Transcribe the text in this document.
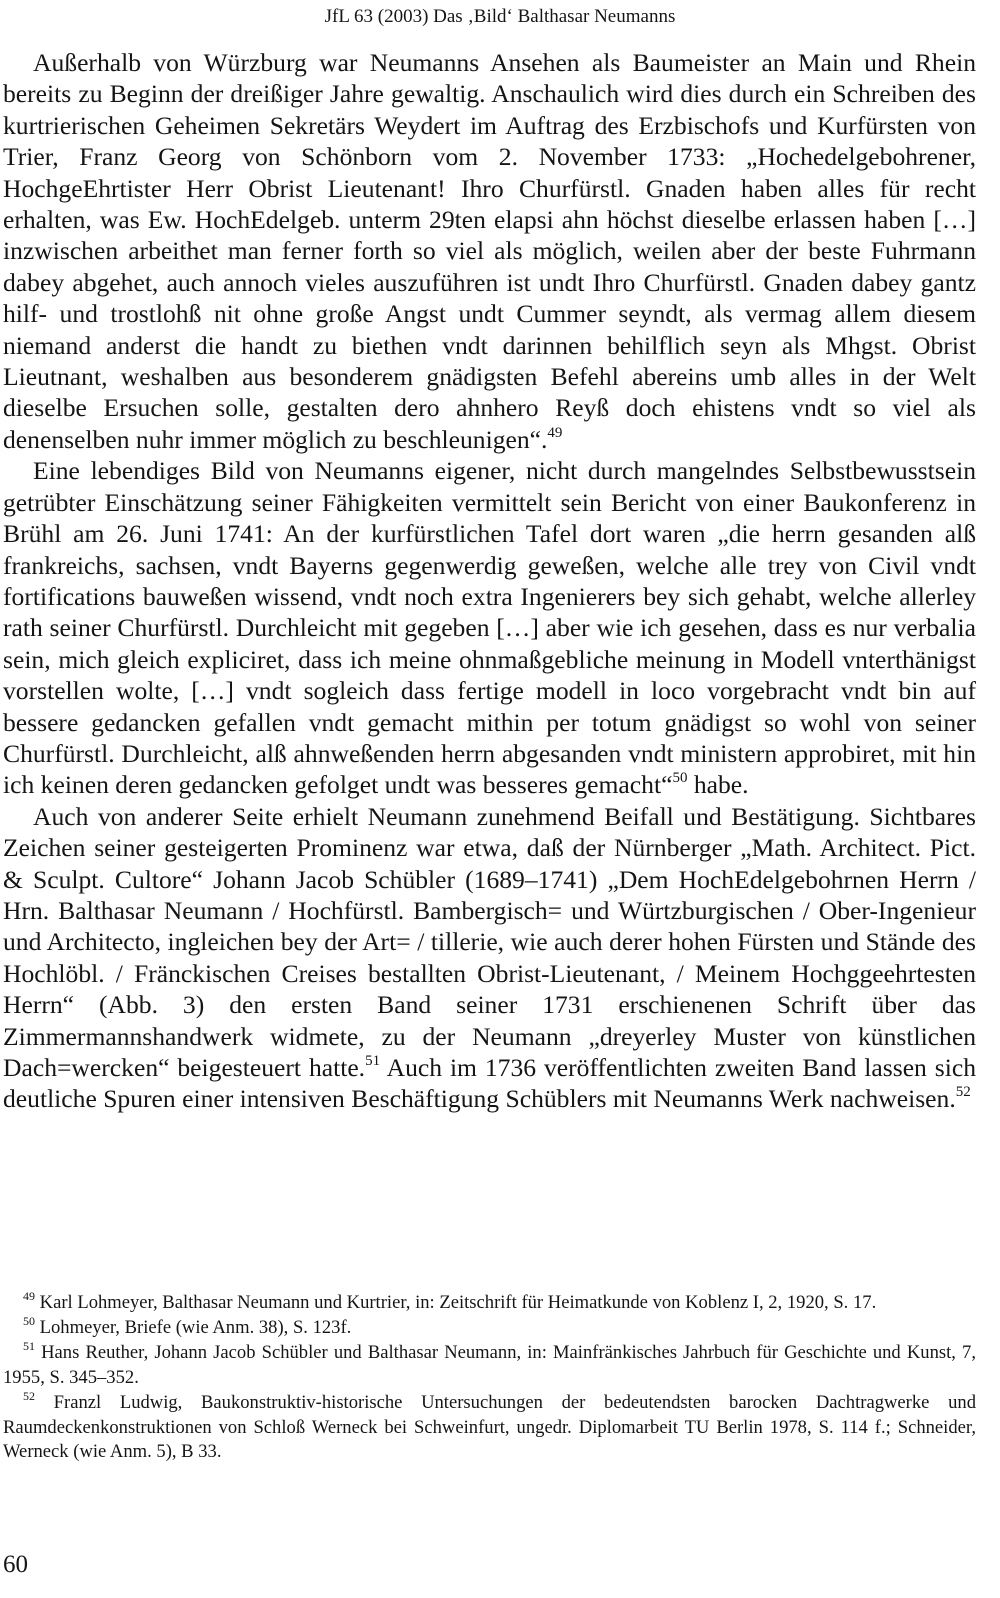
JfL 63 (2003) Das ‚Bild‘ Balthasar Neumanns

Außerhalb von Würzburg war Neumanns Ansehen als Baumeister an Main und Rhein bereits zu Beginn der dreißiger Jahre gewaltig. Anschaulich wird dies durch ein Schreiben des kurtrierischen Geheimen Sekretärs Weydert im Auftrag des Erzbischofs und Kurfürsten von Trier, Franz Georg von Schönborn vom 2. November 1733: „Hochedelgebohrener, HochgeEhrtister Herr Obrist Lieutenant! Ihro Churfürstl. Gnaden haben alles für recht erhalten, was Ew. HochEdelgeb. unterm 29ten elapsi ahn höchst dieselbe erlassen haben […] inzwischen arbeithet man ferner forth so viel als möglich, weilen aber der beste Fuhrmann dabey abgehet, auch annoch vieles auszuführen ist undt Ihro Churfürstl. Gnaden dabey gantz hilf- und trostlohß nit ohne große Angst undt Cummer seyndt, als vermag allem diesem niemand anderst die handt zu biethen vndt darinnen behilflich seyn als Mhgst. Obrist Lieutnant, weshalben aus besonderem gnädigsten Befehl abereins umb alles in der Welt dieselbe Ersuchen solle, gestalten dero ahnhero Reyß doch ehistens vndt so viel als denenselben nuhr immer möglich zu beschleunigen“.$^{49}$

Eine lebendiges Bild von Neumanns eigener, nicht durch mangelndes Selbstbewusstsein getrübter Einschätzung seiner Fähigkeiten vermittelt sein Bericht von einer Baukonferenz in Brühl am 26. Juni 1741: An der kurfürstlichen Tafel dort waren „die herrn gesanden alß frankreichs, sachsen, vndt Bayerns gegenwerdig geweßen, welche alle trey von Civil vndt fortifications bauweßen wissend, vndt noch extra Ingenierers bey sich gehabt, welche allerley rath seiner Churfürstl. Durchleicht mit gegeben […] aber wie ich gesehen, dass es nur verbalia sein, mich gleich expliciret, dass ich meine ohnmaßgebliche meinung in Modell vnterthänigst vorstellen wolte, […] vndt sogleich dass fertige modell in loco vorgebracht vndt bin auf bessere gedancken gefallen vndt gemacht mithin per totum gnädigst so wohl von seiner Churfürstl. Durchleicht, alß ahnweßenden herrn abgesanden vndt ministern approbiret, mit hin ich keinen deren gedancken gefolget undt was besseres gemacht“$^{50}$ habe.

Auch von anderer Seite erhielt Neumann zunehmend Beifall und Bestätigung. Sichtbares Zeichen seiner gesteigerten Prominenz war etwa, daß der Nürnberger „Math. Architect. Pict. & Sculpt. Cultore“ Johann Jacob Schübler (1689–1741) „Dem HochEdelgebohrnen Herrn / Hrn. Balthasar Neumann / Hochfürstl. Bambergisch= und Würtzburgischen / Ober-Ingenieur und Architecto, ingleichen bey der Art= / tillerie, wie auch derer hohen Fürsten und Stände des Hochlöbl. / Fränckischen Creises bestallten Obrist-Lieutenant, / Meinem Hochggeehrtesten Herrn“ (Abb. 3) den ersten Band seiner 1731 erschienenen Schrift über das Zimmermannshandwerk widmete, zu der Neumann „dreyerley Muster von künstlichen Dach=wercken“ beigesteuert hatte.$^{51}$ Auch im 1736 veröffentlichten zweiten Band lassen sich deutliche Spuren einer intensiven Beschäftigung Schüblers mit Neumanns Werk nachweisen.$^{52}$

$^{49}$ Karl Lohmeyer, Balthasar Neumann und Kurtrier, in: Zeitschrift für Heimatkunde von Koblenz I, 2, 1920, S. 17.

$^{50}$ Lohmeyer, Briefe (wie Anm. 38), S. 123f.

$^{51}$ Hans Reuther, Johann Jacob Schübler und Balthasar Neumann, in: Mainfränkisches Jahrbuch für Geschichte und Kunst, 7, 1955, S. 345–352.

$^{52}$ Franzl Ludwig, Baukonstruktiv-historische Untersuchungen der bedeutendsten barocken Dachtragwerke und Raumdeckenkonstruktionen von Schloß Werneck bei Schweinfurt, ungedr. Diplomarbeit TU Berlin 1978, S. 114 f.; Schneider, Werneck (wie Anm. 5), B 33.

60
